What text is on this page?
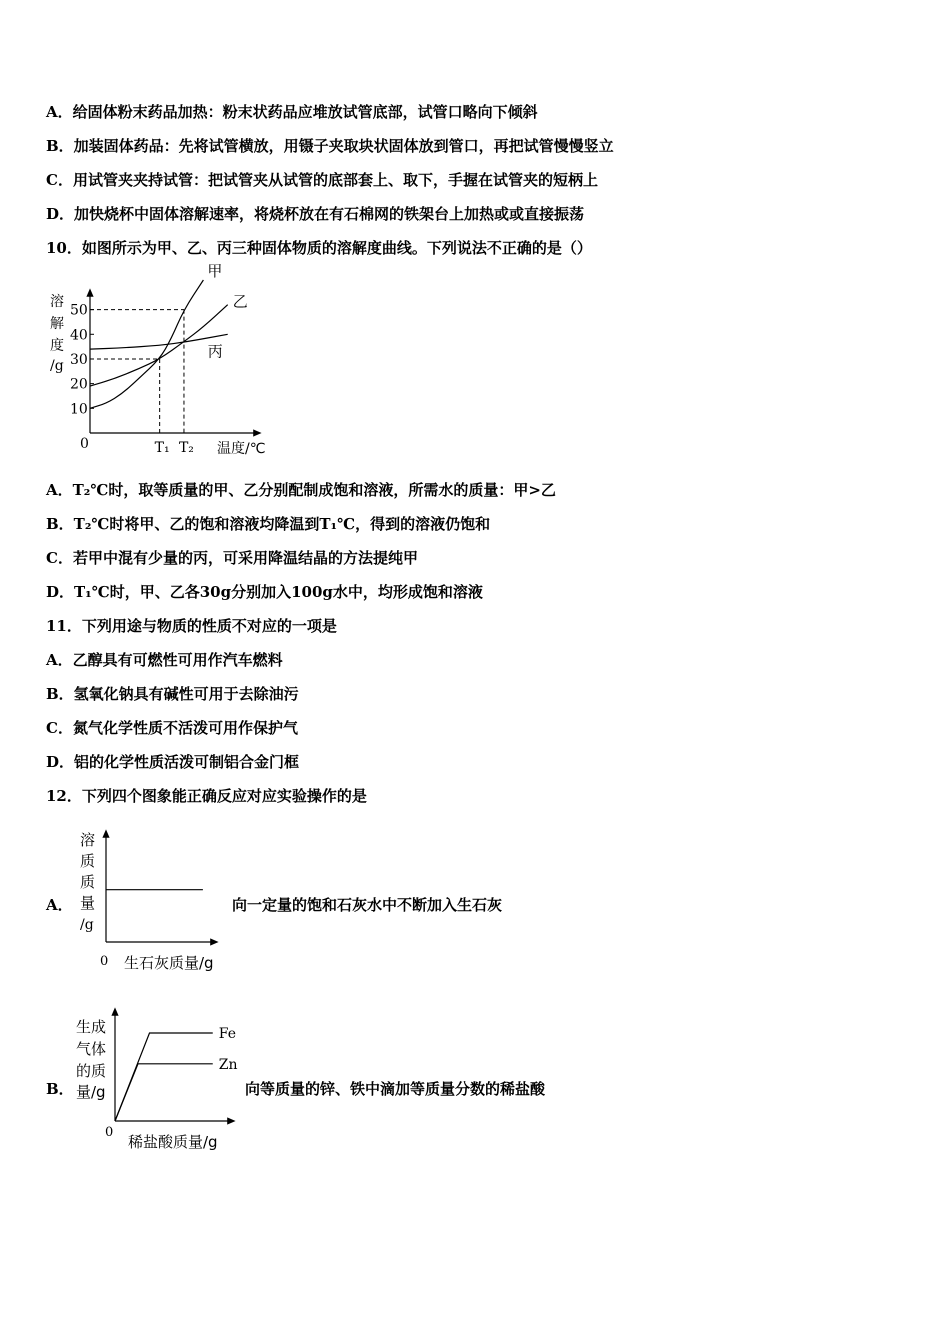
A．给固体粉末药品加热：粉末状药品应堆放试管底部，试管口略向下倾斜
B．加装固体药品：先将试管横放，用镊子夹取块状固体放到管口，再把试管慢慢竖立
C．用试管夹夹持试管：把试管夹从试管的底部套上、取下，手握在试管夹的短柄上
D．加快烧杯中固体溶解速率，将烧杯放在有石棉网的铁架台上加热或或直接振荡
10．如图所示为甲、乙、丙三种固体物质的溶解度曲线。下列说法不正确的是（）
溶
解
度
/g
0	温度/℃
10
20
30
40
50
T₁ T₂
甲
乙
丙
A．T₂℃时，取等质量的甲、乙分别配制成饱和溶液，所需水的质量：甲>乙
B．T₂℃时将甲、乙的饱和溶液均降温到T₁℃，得到的溶液仍饱和
C．若甲中混有少量的丙，可采用降温结晶的方法提纯甲
D．T₁℃时，甲、乙各30g分别加入100g水中，均形成饱和溶液
11．下列用途与物质的性质不对应的一项是
A．乙醇具有可燃性可用作汽车燃料
B．氢氧化钠具有碱性可用于去除油污
C．氮气化学性质不活泼可用作保护气
D．铝的化学性质活泼可制铝合金门框
12．下列四个图象能正确反应对应实验操作的是
A．
溶
质
质
量
/g
0 生石灰质量/g
向一定量的饱和石灰水中不断加入生石灰
B．
生成
气体
的质
量/g
0
稀盐酸质量/g
Fe
Zn
向等质量的锌、铁中滴加等质量分数的稀盐酸
